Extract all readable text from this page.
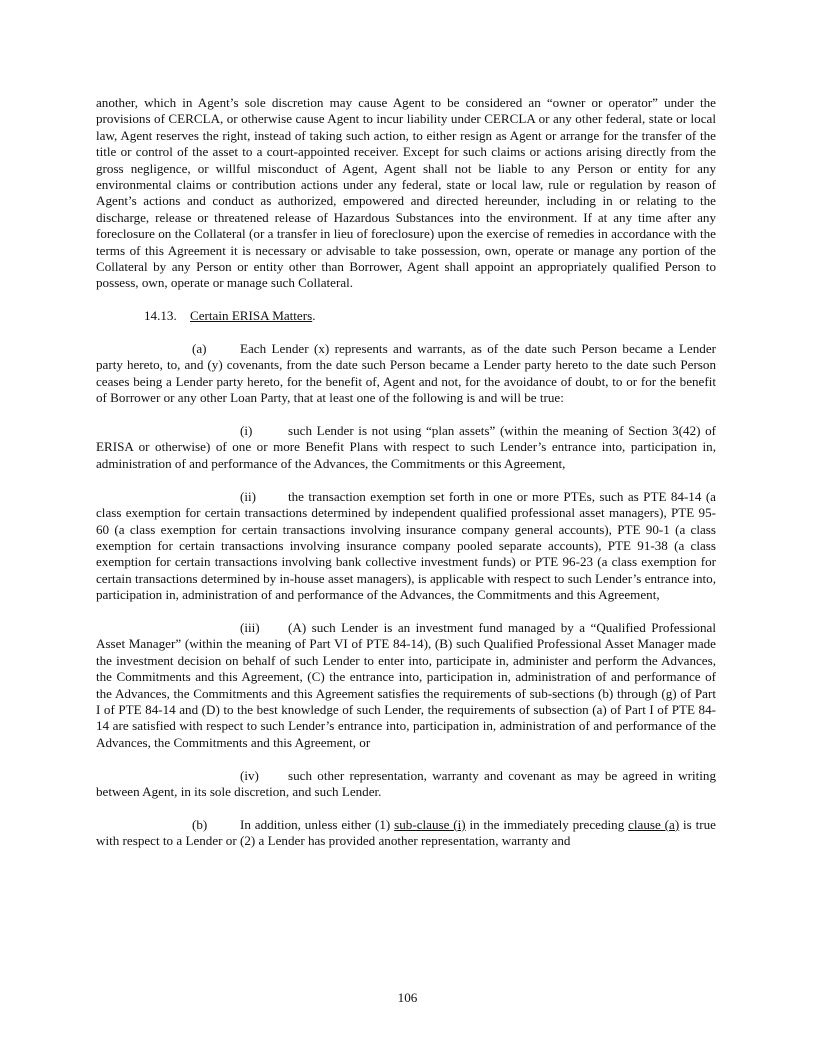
another, which in Agent’s sole discretion may cause Agent to be considered an “owner or operator” under the provisions of CERCLA, or otherwise cause Agent to incur liability under CERCLA or any other federal, state or local law, Agent reserves the right, instead of taking such action, to either resign as Agent or arrange for the transfer of the title or control of the asset to a court-appointed receiver. Except for such claims or actions arising directly from the gross negligence, or willful misconduct of Agent, Agent shall not be liable to any Person or entity for any environmental claims or contribution actions under any federal, state or local law, rule or regulation by reason of Agent’s actions and conduct as authorized, empowered and directed hereunder, including in or relating to the discharge, release or threatened release of Hazardous Substances into the environment. If at any time after any foreclosure on the Collateral (or a transfer in lieu of foreclosure) upon the exercise of remedies in accordance with the terms of this Agreement it is necessary or advisable to take possession, own, operate or manage any portion of the Collateral by any Person or entity other than Borrower, Agent shall appoint an appropriately qualified Person to possess, own, operate or manage such Collateral.

14.13. Certain ERISA Matters.

(a)	Each Lender (x) represents and warrants, as of the date such Person became a Lender party hereto, to, and (y) covenants, from the date such Person became a Lender party hereto to the date such Person ceases being a Lender party hereto, for the benefit of, Agent and not, for the avoidance of doubt, to or for the benefit of Borrower or any other Loan Party, that at least one of the following is and will be true:

(i)	such Lender is not using “plan assets” (within the meaning of Section 3(42) of ERISA or otherwise) of one or more Benefit Plans with respect to such Lender’s entrance into, participation in, administration of and performance of the Advances, the Commitments or this Agreement,

(ii) the transaction exemption set forth in one or more PTEs, such as PTE 84-14 (a class exemption for certain transactions determined by independent qualified professional asset managers), PTE 95-60 (a class exemption for certain transactions involving insurance company general accounts), PTE 90-1 (a class exemption for certain transactions involving insurance company pooled separate accounts), PTE 91-38 (a class exemption for certain transactions involving bank collective investment funds) or PTE 96-23 (a class exemption for certain transactions determined by in-house asset managers), is applicable with respect to such Lender’s entrance into, participation in, administration of and performance of the Advances, the Commitments and this Agreement,

(iii) (A) such Lender is an investment fund managed by a “Qualified Professional Asset Manager” (within the meaning of Part VI of PTE 84-14), (B) such Qualified Professional Asset Manager made the investment decision on behalf of such Lender to enter into, participate in, administer and perform the Advances, the Commitments and this Agreement, (C) the entrance into, participation in, administration of and performance of the Advances, the Commitments and this Agreement satisfies the requirements of sub-sections (b) through (g) of Part I of PTE 84-14 and (D) to the best knowledge of such Lender, the requirements of subsection (a) of Part I of PTE 84-14 are satisfied with respect to such Lender’s entrance into, participation in, administration of and performance of the Advances, the Commitments and this Agreement, or

(iv) such other representation, warranty and covenant as may be agreed in writing between Agent, in its sole discretion, and such Lender.

(b) In addition, unless either (1) sub-clause (i) in the immediately preceding clause (a) is true with respect to a Lender or (2) a Lender has provided another representation, warranty and

106
